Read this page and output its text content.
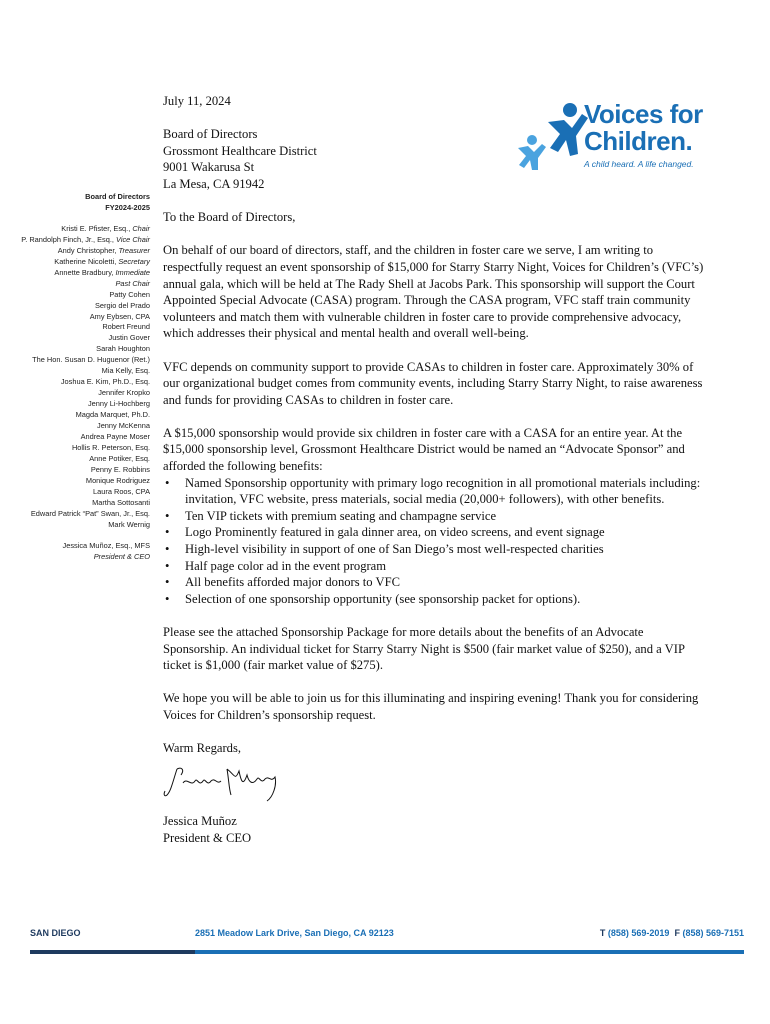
Voices for
Children.
A child heard. A life changed.
Board of Directors
FY2024-2025
Kristi E. Pfister, Esq., Chair
P. Randolph Finch, Jr., Esq., Vice Chair
Andy Christopher, Treasurer
Katherine Nicoletti, Secretary
Annette Bradbury, Immediate
Past Chair
Patty Cohen
Sergio del Prado
Amy Eybsen, CPA
Robert Freund
Justin Gover
Sarah Houghton
The Hon. Susan D. Huguenor (Ret.)
Mia Kelly, Esq.
Joshua E. Kim, Ph.D., Esq.
Jennifer Kropko
Jenny Li-Hochberg
Magda Marquet, Ph.D.
Jenny McKenna
Andrea Payne Moser
Hollis R. Peterson, Esq.
Anne Potiker, Esq.
Penny E. Robbins
Monique Rodriguez
Laura Roos, CPA
Martha Sottosanti
Edward Patrick “Pat” Swan, Jr., Esq.
Mark Wernig
Jessica Muñoz, Esq., MFS
President & CEO

July 11, 2024

Board of Directors
Grossmont Healthcare District
9001 Wakarusa St
La Mesa, CA 91942

To the Board of Directors,

On behalf of our board of directors, staff, and the children in foster care we serve, I am writing to respectfully request an event sponsorship of $15,000 for Starry Starry Night, Voices for Children’s (VFC’s) annual gala, which will be held at The Rady Shell at Jacobs Park. This sponsorship will support the Court Appointed Special Advocate (CASA) program. Through the CASA program, VFC staff train community volunteers and match them with vulnerable children in foster care to provide comprehensive advocacy, which addresses their physical and mental health and overall well-being.

VFC depends on community support to provide CASAs to children in foster care. Approximately 30% of our organizational budget comes from community events, including Starry Starry Night, to raise awareness and funds for providing CASAs to children in foster care.

A $15,000 sponsorship would provide six children in foster care with a CASA for an entire year. At the $15,000 sponsorship level, Grossmont Healthcare District would be named an “Advocate Sponsor” and afforded the following benefits:

• Named Sponsorship opportunity with primary logo recognition in all promotional materials including: invitation, VFC website, press materials, social media (20,000+ followers), with other benefits.
• Ten VIP tickets with premium seating and champagne service
• Logo Prominently featured in gala dinner area, on video screens, and event signage
• High-level visibility in support of one of San Diego’s most well-respected charities
• Half page color ad in the event program
• All benefits afforded major donors to VFC
• Selection of one sponsorship opportunity (see sponsorship packet for options).

Please see the attached Sponsorship Package for more details about the benefits of an Advocate Sponsorship. An individual ticket for Starry Starry Night is $500 (fair market value of $250), and a VIP ticket is $1,000 (fair market value of $275).

We hope you will be able to join us for this illuminating and inspiring evening! Thank you for considering Voices for Children’s sponsorship request.

Warm Regards,

Jessica Muñoz
President & CEO
SAN DIEGO	2851 Meadow Lark Drive, San Diego, CA 92123	T (858) 569-2019 F (858) 569-7151
